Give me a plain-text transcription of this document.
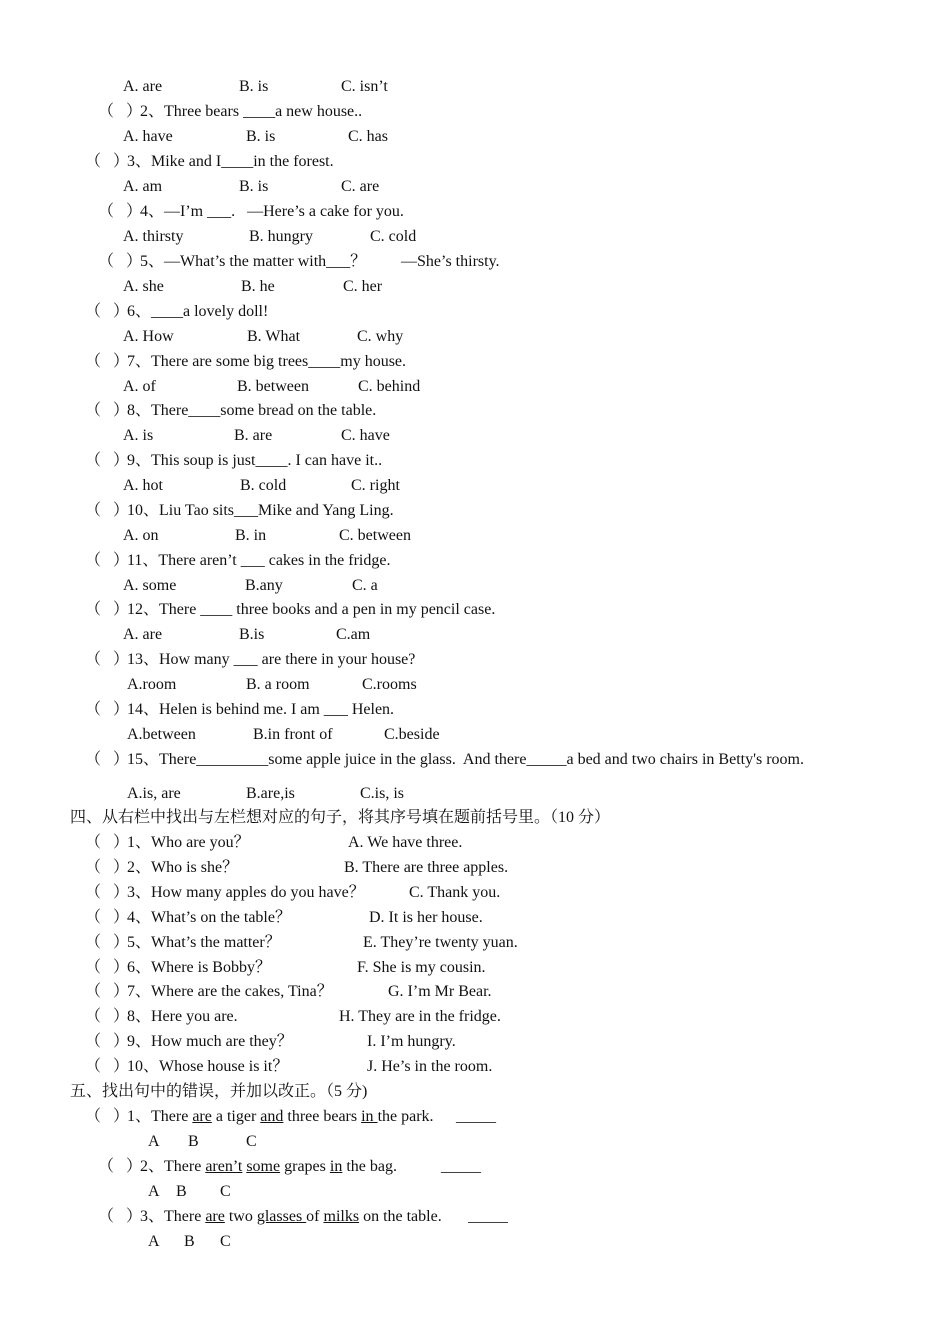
A. are

	B. is

	C. isn’t

（   ）

2、Three bears ____a new house..

A. have

	B. is

	C. has

（   ）

3、Mike and I____in the forest.

A. am

	B. is

	C. are

（   ）

4、—I’m ___.   —Here’s a cake for you.

A. thirsty

	B. hungry

	C. cold

（   ）

5、—What’s the matter with___？

—She’s thirsty.

A. she

	B. he

	C. her

（   ）

6、____a lovely doll!

A. How

	B. What

	C. why

（   ）

7、There are some big trees____my house.

A. of

	B. between

	C. behind

（   ）

8、There____some bread on the table.

A. is

	B. are

	C. have

（   ）

9、This soup is just____. I can have it..

A. hot

	B. cold

	C. right

（   ）

10、Liu Tao sits___Mike and Yang Ling.

A. on

	B. in

	C. between

（   ）

11、There aren’t ___ cakes in the fridge.

A. some

	B.any

	C. a

（   ）

12、There ____ three books and a pen in my pencil case.

A. are

	B.is

	C.am

（   ）

13、How many ___ are there in your house?

A.room

	B. a room

	C.rooms

（   ）

14、Helen is behind me. I am ___ Helen.

A.between

	B.in front of

	C.beside

（   ）

15、There_________some apple juice in the glass.  And there_____a bed and two chairs in Betty's room.

A.is, are

	B.are,is

	C.is, is

四、从右栏中找出与左栏想对应的句子，将其序号填在题前括号里。（10 分）

（   ）
1、Who are you？	A. We have three.
（   ）
2、Who is she？	B. There are three apples.
（   ）
3、How many apples do you have？	C. Thank you.
（   ）
4、What’s on the table？	D. It is her house.
（   ）
5、What’s the matter？	E. They’re twenty yuan.
（   ）
6、Where is Bobby？	F. She is my cousin.
（   ）
7、Where are the cakes, Tina？	G. I’m Mr Bear.
（   ）
8、Here you are.	H. They are in the fridge.
（   ）
9、How much are they？	I. I’m hungry.
（   ）
10、Whose house is it？	J. He’s in the room.

五、找出句中的错误，并加以改正。（5 分)

（   ）

1、There are a tiger and three bears in the park.

_____

A

B

	C

（   ）

2、There aren’t some grapes in the bag.

	_____

A

B

C

（   ）

3、There are two glasses of milks on the table.

_____

A

B

C
